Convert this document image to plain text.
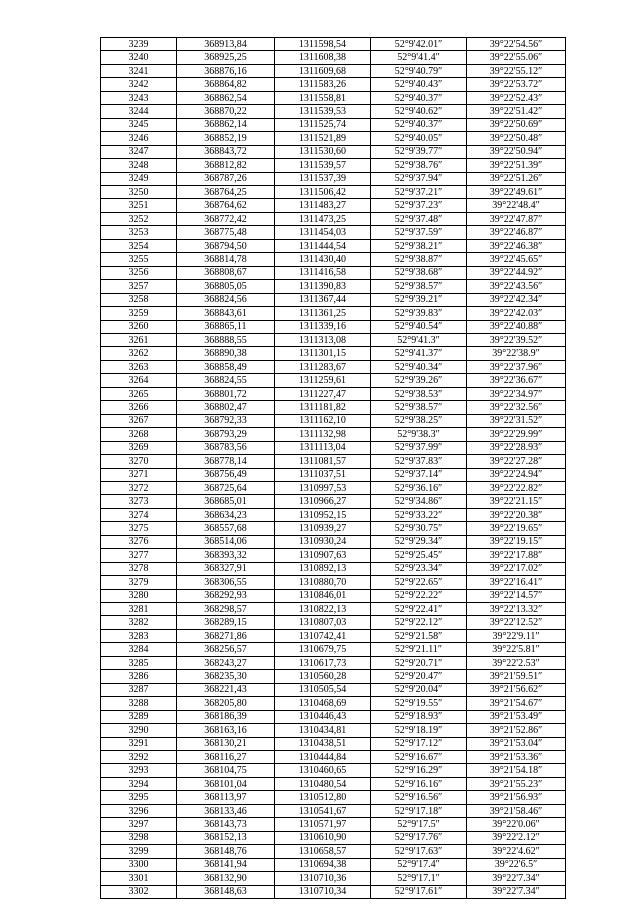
3239	368913,84	1311598,54	52°9'42.01″	39°22'54.56″
3240	368925,25	1311608,38	52°9'41.4″	39°22'55.06″
3241	368876,16	1311609,68	52°9'40.79″	39°22'55.12″
3242	368864,82	1311583,26	52°9'40.43″	39°22'53.72″
3243	368862,54	1311558,81	52°9'40.37″	39°22'52.43″
3244	368870,22	1311539,53	52°9'40.62″	39°22'51.42″
3245	368862,14	1311525,74	52°9'40.37″	39°22'50.69″
3246	368852,19	1311521,89	52°9'40.05″	39°22'50.48″
3247	368843,72	1311530,60	52°9'39.77″	39°22'50.94″
3248	368812,82	1311539,57	52°9'38.76″	39°22'51.39″
3249	368787,26	1311537,39	52°9'37.94″	39°22'51.26″
3250	368764,25	1311506,42	52°9'37.21″	39°22'49.61″
3251	368764,62	1311483,27	52°9'37.23″	39°22'48.4″
3252	368772,42	1311473,25	52°9'37.48″	39°22'47.87″
3253	368775,48	1311454,03	52°9'37.59″	39°22'46.87″
3254	368794,50	1311444,54	52°9'38.21″	39°22'46.38″
3255	368814,78	1311430,40	52°9'38.87″	39°22'45.65″
3256	368808,67	1311416,58	52°9'38.68″	39°22'44.92″
3257	368805,05	1311390,83	52°9'38.57″	39°22'43.56″
3258	368824,56	1311367,44	52°9'39.21″	39°22'42.34″
3259	368843,61	1311361,25	52°9'39.83″	39°22'42.03″
3260	368865,11	1311339,16	52°9'40.54″	39°22'40.88″
3261	368888,55	1311313,08	52°9'41.3″	39°22'39.52″
3262	368890,38	1311301,15	52°9'41.37″	39°22'38.9″
3263	368858,49	1311283,67	52°9'40.34″	39°22'37.96″
3264	368824,55	1311259,61	52°9'39.26″	39°22'36.67″
3265	368801,72	1311227,47	52°9'38.53″	39°22'34.97″
3266	368802,47	1311181,82	52°9'38.57″	39°22'32.56″
3267	368792,33	1311162,10	52°9'38.25″	39°22'31.52″
3268	368793,29	1311132,98	52°9'38.3″	39°22'29.99″
3269	368783,56	1311113,04	52°9'37.99″	39°22'28.93″
3270	368778,14	1311081,57	52°9'37.83″	39°22'27.28″
3271	368756,49	1311037,51	52°9'37.14″	39°22'24.94″
3272	368725,64	1310997,53	52°9'36.16″	39°22'22.82″
3273	368685,01	1310966,27	52°9'34.86″	39°22'21.15″
3274	368634,23	1310952,15	52°9'33.22″	39°22'20.38″
3275	368557,68	1310939,27	52°9'30.75″	39°22'19.65″
3276	368514,06	1310930,24	52°9'29.34″	39°22'19.15″
3277	368393,32	1310907,63	52°9'25.45″	39°22'17.88″
3278	368327,91	1310892,13	52°9'23.34″	39°22'17.02″
3279	368306,55	1310880,70	52°9'22.65″	39°22'16.41″
3280	368292,93	1310846,01	52°9'22.22″	39°22'14.57″
3281	368298,57	1310822,13	52°9'22.41″	39°22'13.32″
3282	368289,15	1310807,03	52°9'22.12″	39°22'12.52″
3283	368271,86	1310742,41	52°9'21.58″	39°22'9.11″
3284	368256,57	1310679,75	52°9'21.11″	39°22'5.81″
3285	368243,27	1310617,73	52°9'20.71″	39°22'2.53″
3286	368235,30	1310560,28	52°9'20.47″	39°21'59.51″
3287	368221,43	1310505,54	52°9'20.04″	39°21'56.62″
3288	368205,80	1310468,69	52°9'19.55″	39°21'54.67″
3289	368186,39	1310446,43	52°9'18.93″	39°21'53.49″
3290	368163,16	1310434,81	52°9'18.19″	39°21'52.86″
3291	368130,21	1310438,51	52°9'17.12″	39°21'53.04″
3292	368116,27	1310444,84	52°9'16.67″	39°21'53.36″
3293	368104,75	1310460,65	52°9'16.29″	39°21'54.18″
3294	368101,04	1310480,54	52°9'16.16″	39°21'55.23″
3295	368113,97	1310512,80	52°9'16.56″	39°21'56.93″
3296	368133,46	1310541,67	52°9'17.18″	39°21'58.46″
3297	368143,73	1310571,97	52°9'17.5″	39°22'0.06″
3298	368152,13	1310610,90	52°9'17.76″	39°22'2.12″
3299	368148,76	1310658,57	52°9'17.63″	39°22'4.62″
3300	368141,94	1310694,38	52°9'17.4″	39°22'6.5″
3301	368132,90	1310710,36	52°9'17.1″	39°22'7.34″
3302	368148,63	1310710,34	52°9'17.61″	39°22'7.34″
